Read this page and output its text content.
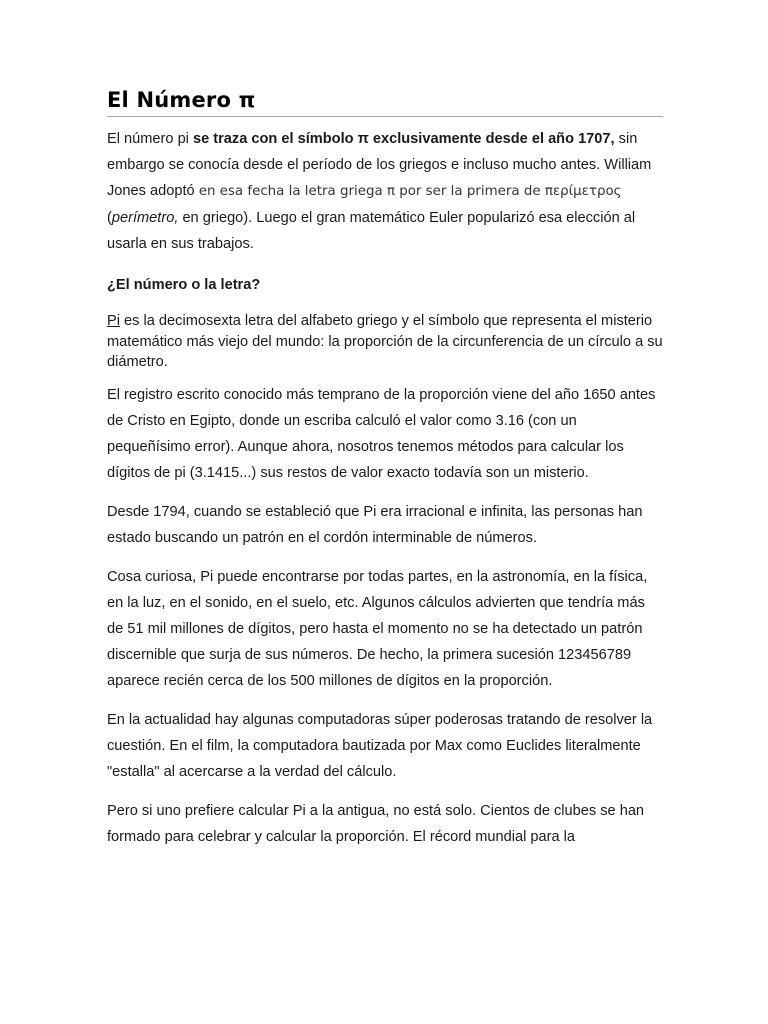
El Número π

El número pi se traza con el símbolo π exclusivamente desde el año 1707, sin embargo se conocía desde el período de los griegos e incluso mucho antes. William Jones adoptó en esa fecha la letra griega π por ser la primera de περίμετρος (perímetro, en griego). Luego el gran matemático Euler popularizó esa elección al usarla en sus trabajos.

¿El número o la letra?

Pi es la decimosexta letra del alfabeto griego y el símbolo que representa el misterio matemático más viejo del mundo: la proporción de la circunferencia de un círculo a su diámetro.

El registro escrito conocido más temprano de la proporción viene del año 1650 antes de Cristo en Egipto, donde un escriba calculó el valor como 3.16 (con un pequeñísimo error). Aunque ahora, nosotros tenemos métodos para calcular los dígitos de pi (3.1415...) sus restos de valor exacto todavía son un misterio.

Desde 1794, cuando se estableció que Pi era irracional e infinita, las personas han estado buscando un patrón en el cordón interminable de números.

Cosa curiosa, Pi puede encontrarse por todas partes, en la astronomía, en la física, en la luz, en el sonido, en el suelo, etc. Algunos cálculos advierten que tendría más de 51 mil millones de dígitos, pero hasta el momento no se ha detectado un patrón discernible que surja de sus números. De hecho, la primera sucesión 123456789 aparece recién cerca de los 500 millones de dígitos en la proporción.

En la actualidad hay algunas computadoras súper poderosas tratando de resolver la cuestión. En el film, la computadora bautizada por Max como Euclides literalmente "estalla" al acercarse a la verdad del cálculo.

Pero si uno prefiere calcular Pi a la antigua, no está solo. Cientos de clubes se han formado para celebrar y calcular la proporción. El récord mundial para la
